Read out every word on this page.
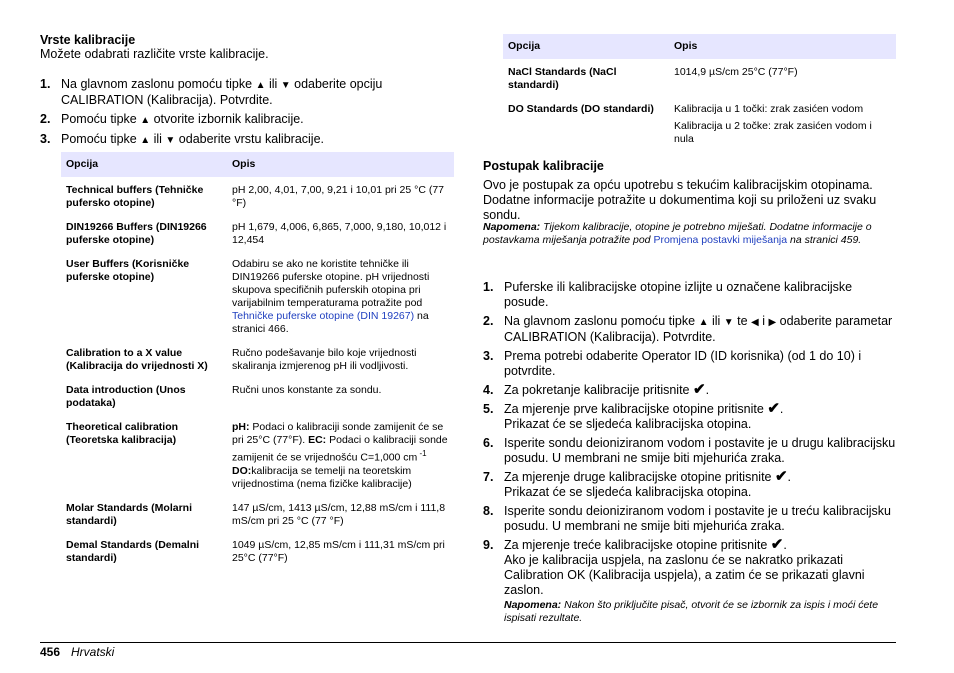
Vrste kalibracije
Možete odabrati različite vrste kalibracije.
1. Na glavnom zaslonu pomoću tipke ▲ ili ▼ odaberite opciju CALIBRATION (Kalibracija). Potvrdite.
2. Pomoću tipke ▲ otvorite izbornik kalibracije.
3. Pomoću tipke ▲ ili ▼ odaberite vrstu kalibracije.
Opcija	Opis
Technical buffers (Tehničke pufersko otopine)	pH 2,00, 4,01, 7,00, 9,21 i 10,01 pri 25 °C (77 °F)
DIN19266 Buffers (DIN19266 puferske otopine)	pH 1,679, 4,006, 6,865, 7,000, 9,180, 10,012 i 12,454
User Buffers (Korisničke puferske otopine)	Odabiru se ako ne koristite tehničke ili DIN19266 puferske otopine. pH vrijednosti skupova specifičnih puferskih otopina pri varijabilnim temperaturama potražite pod Tehničke puferske otopine (DIN 19267) na stranici 466.
Calibration to a X value (Kalibracija do vrijednosti X)	Ručno podešavanje bilo koje vrijednosti skaliranja izmjerenog pH ili vodljivosti.
Data introduction (Unos podataka)	Ručni unos konstante za sondu.
Theoretical calibration (Teoretska kalibracija)	pH: Podaci o kalibraciji sonde zamijenit će se pri 25°C (77°F). EC: Podaci o kalibraciji sonde zamijenit će se vrijednošću C=1,000 cm $^{-1}$ DO:kalibracija se temelji na teoretskim vrijednostima (nema fizičke kalibracije)
Molar Standards (Molarni standardi)	147 µS/cm, 1413 µS/cm, 12,88 mS/cm i 111,8 mS/cm pri 25 °C (77 °F)
Demal Standards (Demalni standardi)	1049 µS/cm, 12,85 mS/cm i 111,31 mS/cm pri 25°C (77°F)
Opcija	Opis
NaCl Standards (NaCl standardi)	1014,9 µS/cm 25°C (77°F)
DO Standards (DO standardi)	Kalibracija u 1 točki: zrak zasićen vodom
Kalibracija u 2 točke: zrak zasićen vodom i nula
Postupak kalibracije
Ovo je postupak za opću upotrebu s tekućim kalibracijskim otopinama. Dodatne informacije potražite u dokumentima koji su priloženi uz svaku sondu.
Napomena: Tijekom kalibracije, otopine je potrebno miješati. Dodatne informacije o postavkama miješanja potražite pod Promjena postavki miješanja na stranici 459.
1. Puferske ili kalibracijske otopine izlijte u označene kalibracijske posude.
2. Na glavnom zaslonu pomoću tipke ▲ ili ▼ te ◀ i ▶ odaberite parametar CALIBRATION (Kalibracija). Potvrdite.
3. Prema potrebi odaberite Operator ID (ID korisnika) (od 1 do 10) i potvrdite.
4. Za pokretanje kalibracije pritisnite ✔.
5. Za mjerenje prve kalibracijske otopine pritisnite ✔.
Prikazat će se sljedeća kalibracijska otopina.
6. Isperite sondu deioniziranom vodom i postavite je u drugu kalibracijsku posudu. U membrani ne smije biti mjehurića zraka.
7. Za mjerenje druge kalibracijske otopine pritisnite ✔.
Prikazat će se sljedeća kalibracijska otopina.
8. Isperite sondu deioniziranom vodom i postavite je u treću kalibracijsku posudu. U membrani ne smije biti mjehurića zraka.
9. Za mjerenje treće kalibracijske otopine pritisnite ✔.
Ako je kalibracija uspjela, na zaslonu će se nakratko prikazati Calibration OK (Kalibracija uspjela), a zatim će se prikazati glavni zaslon.
Napomena: Nakon što priključite pisač, otvorit će se izbornik za ispis i moći ćete ispisati rezultate.
456 Hrvatski
